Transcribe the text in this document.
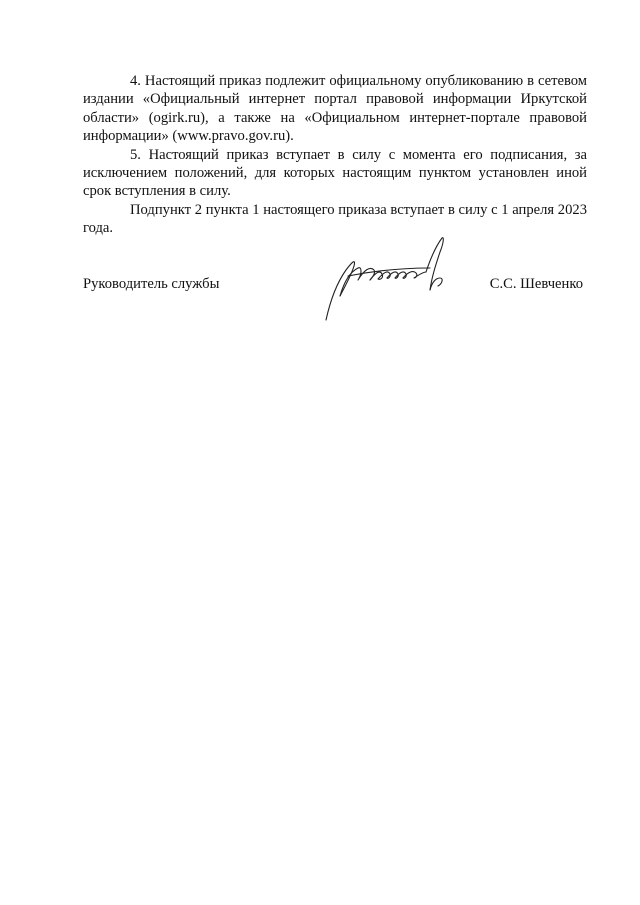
4. Настоящий приказ подлежит официальному опубликованию в сетевом издании «Официальный интернет портал правовой информации Иркутской области» (ogirk.ru), а также на «Официальном интернет-портале правовой информации» (www.pravo.gov.ru).

5. Настоящий приказ вступает в силу с момента его подписания, за исключением положений, для которых настоящим пунктом установлен иной срок вступления в силу.

Подпункт 2 пункта 1 настоящего приказа вступает в силу с 1 апреля 2023 года.

Руководитель службы	С.С. Шевченко
